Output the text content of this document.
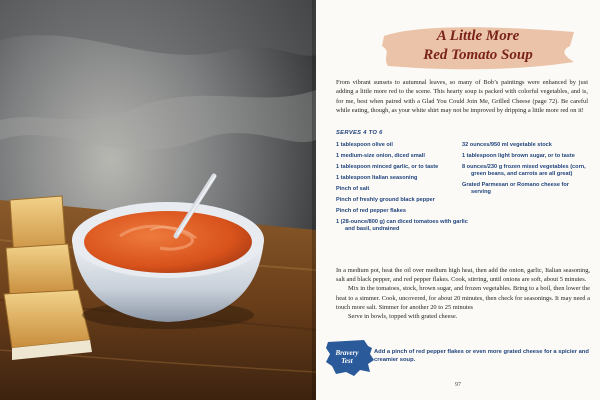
A Little More
Red Tomato Soup

From vibrant sunsets to autumnal leaves, so many of Bob’s paintings were enhanced by just adding a little more red to the scene. This hearty soup is packed with colorful vegetables, and is, for me, best when paired with a Glad You Could Join Me, Grilled Cheese (page 72). Be careful while eating, though, as your white shirt may not be improved by dripping a little more red on it!

SERVES 4 TO 6
1 tablespoon olive oil
1 medium-size onion, diced small
1 tablespoon minced garlic, or to taste
1 tablespoon Italian seasoning
Pinch of salt
Pinch of freshly ground black pepper
Pinch of red pepper flakes
1 (28-ounce/800 g) can diced tomatoes with garlic and basil, undrained
32 ounces/950 ml vegetable stock
1 tablespoon light brown sugar, or to taste
8 ounces/230 g frozen mixed vegetables (corn, green beans, and carrots are all great)
Grated Parmesan or Romano cheese for serving

In a medium pot, heat the oil over medium high heat, then add the onion, garlic, Italian seasoning, salt and black pepper, and red pepper flakes. Cook, stirring, until onions are soft, about 5 minutes.

Mix in the tomatoes, stock, brown sugar, and frozen vegetables. Bring to a boil, then lower the heat to a simmer. Cook, uncovered, for about 20 minutes, then check for seasonings. It may need a touch more salt. Simmer for another 20 to 25 minutes

Serve in bowls, topped with grated cheese.

Bravery
Test

Add a pinch of red pepper flakes or even more grated cheese for a spicier and creamier soup.

97
